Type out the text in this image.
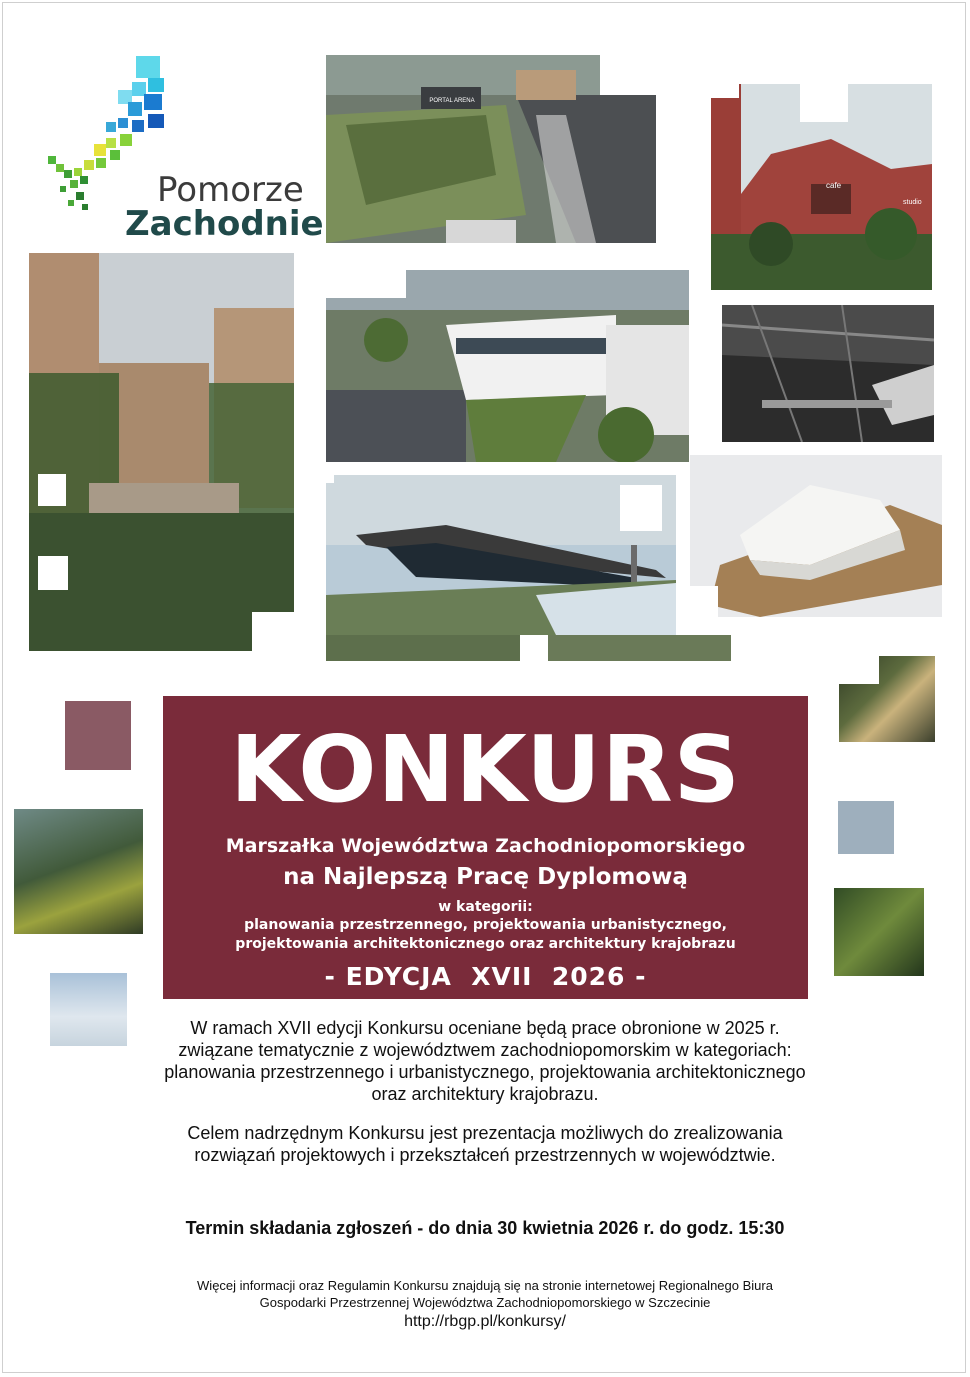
Pomorze
Zachodnie
PORTAL ARENA
cafe
studio
KONKURS
Marszałka Województwa Zachodniopomorskiego
na Najlepszą Pracę Dyplomową
w kategorii:
planowania przestrzennego, projektowania urbanistycznego,
projektowania architektonicznego oraz architektury krajobrazu
- EDYCJA  XVII  2026 -
W ramach XVII edycji Konkursu oceniane będą prace obronione w 2025 r.
związane tematycznie z województwem zachodniopomorskim w kategoriach:
planowania przestrzennego i urbanistycznego, projektowania architektonicznego
oraz architektury krajobrazu.
Celem nadrzędnym Konkursu jest prezentacja możliwych do zrealizowania
rozwiązań projektowych i przekształceń przestrzennych w województwie.
Termin składania zgłoszeń - do dnia 30 kwietnia 2026 r. do godz. 15:30
Więcej informacji oraz Regulamin Konkursu znajdują się na stronie internetowej Regionalnego Biura
Gospodarki Przestrzennej Województwa Zachodniopomorskiego w Szczecinie
http://rbgp.pl/konkursy/
